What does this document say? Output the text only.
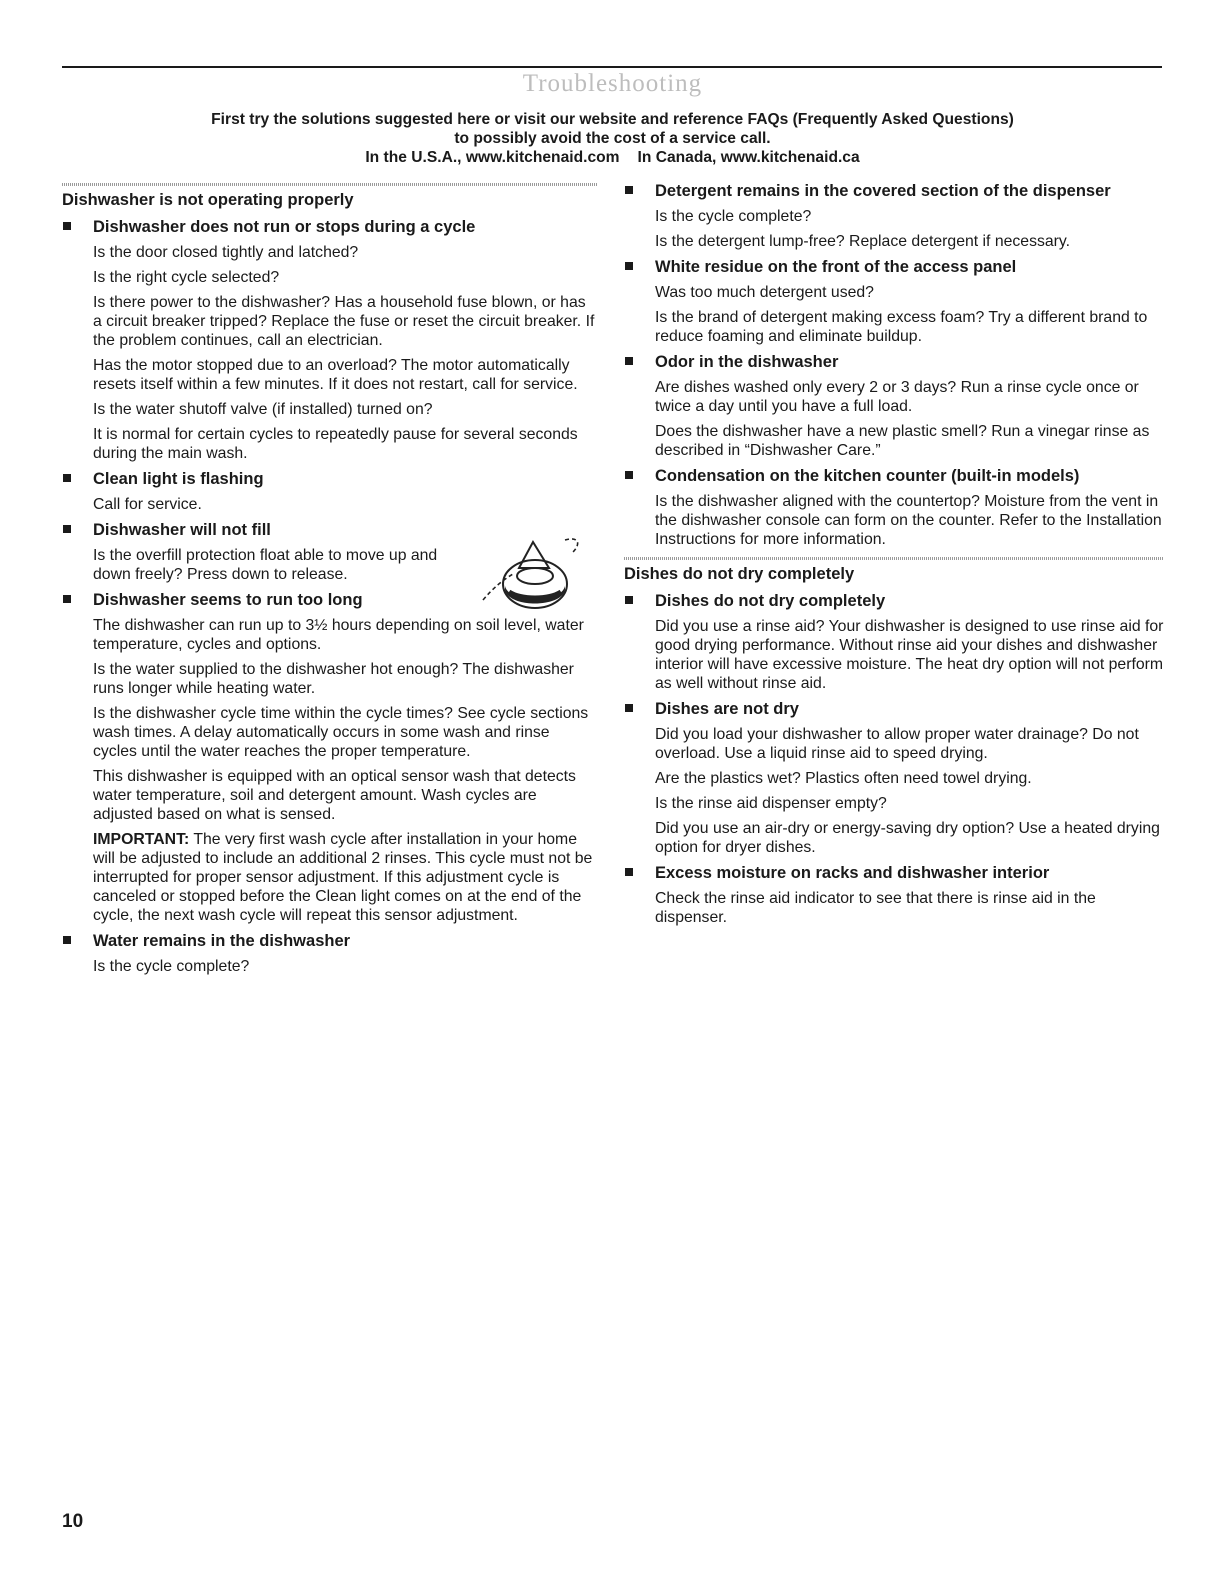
Troubleshooting
First try the solutions suggested here or visit our website and reference FAQs (Frequently Asked Questions)
to possibly avoid the cost of a service call.
In the U.S.A., www.kitchenaid.com In Canada, www.kitchenaid.ca
Dishwasher is not operating properly
Dishwasher does not run or stops during a cycle

Is the door closed tightly and latched?

Is the right cycle selected?

Is there power to the dishwasher? Has a household fuse blown, or has a circuit breaker tripped? Replace the fuse or reset the circuit breaker. If the problem continues, call an electrician.

Has the motor stopped due to an overload? The motor automatically resets itself within a few minutes. If it does not restart, call for service.

Is the water shutoff valve (if installed) turned on?

It is normal for certain cycles to repeatedly pause for several seconds during the main wash.

Clean light is flashing

Call for service.

Dishwasher will not fill
Is the overfill protection float able to move up and down freely? Press down to release.
Dishwasher seems to run too long

The dishwasher can run up to 3½ hours depending on soil level, water temperature, cycles and options.

Is the water supplied to the dishwasher hot enough? The dishwasher runs longer while heating water.

Is the dishwasher cycle time within the cycle times? See cycle sections wash times. A delay automatically occurs in some wash and rinse cycles until the water reaches the proper temperature.

This dishwasher is equipped with an optical sensor wash that detects water temperature, soil and detergent amount. Wash cycles are adjusted based on what is sensed.

IMPORTANT: The very first wash cycle after installation in your home will be adjusted to include an additional 2 rinses. This cycle must not be interrupted for proper sensor adjustment. If this adjustment cycle is canceled or stopped before the Clean light comes on at the end of the cycle, the next wash cycle will repeat this sensor adjustment.

Water remains in the dishwasher

Is the cycle complete?

Detergent remains in the covered section of the dispenser

Is the cycle complete?

Is the detergent lump-free? Replace detergent if necessary.

White residue on the front of the access panel

Was too much detergent used?

Is the brand of detergent making excess foam? Try a different brand to reduce foaming and eliminate buildup.

Odor in the dishwasher

Are dishes washed only every 2 or 3 days? Run a rinse cycle once or twice a day until you have a full load.

Does the dishwasher have a new plastic smell? Run a vinegar rinse as described in “Dishwasher Care.”

Condensation on the kitchen counter (built-in models)

Is the dishwasher aligned with the countertop? Moisture from the vent in the dishwasher console can form on the counter. Refer to the Installation Instructions for more information.

Dishes do not dry completely
Dishes do not dry completely

Did you use a rinse aid? Your dishwasher is designed to use rinse aid for good drying performance. Without rinse aid your dishes and dishwasher interior will have excessive moisture. The heat dry option will not perform as well without rinse aid.

Dishes are not dry

Did you load your dishwasher to allow proper water drainage? Do not overload. Use a liquid rinse aid to speed drying.

Are the plastics wet? Plastics often need towel drying.

Is the rinse aid dispenser empty?

Did you use an air-dry or energy-saving dry option? Use a heated drying option for dryer dishes.

Excess moisture on racks and dishwasher interior

Check the rinse aid indicator to see that there is rinse aid in the dispenser.

10
